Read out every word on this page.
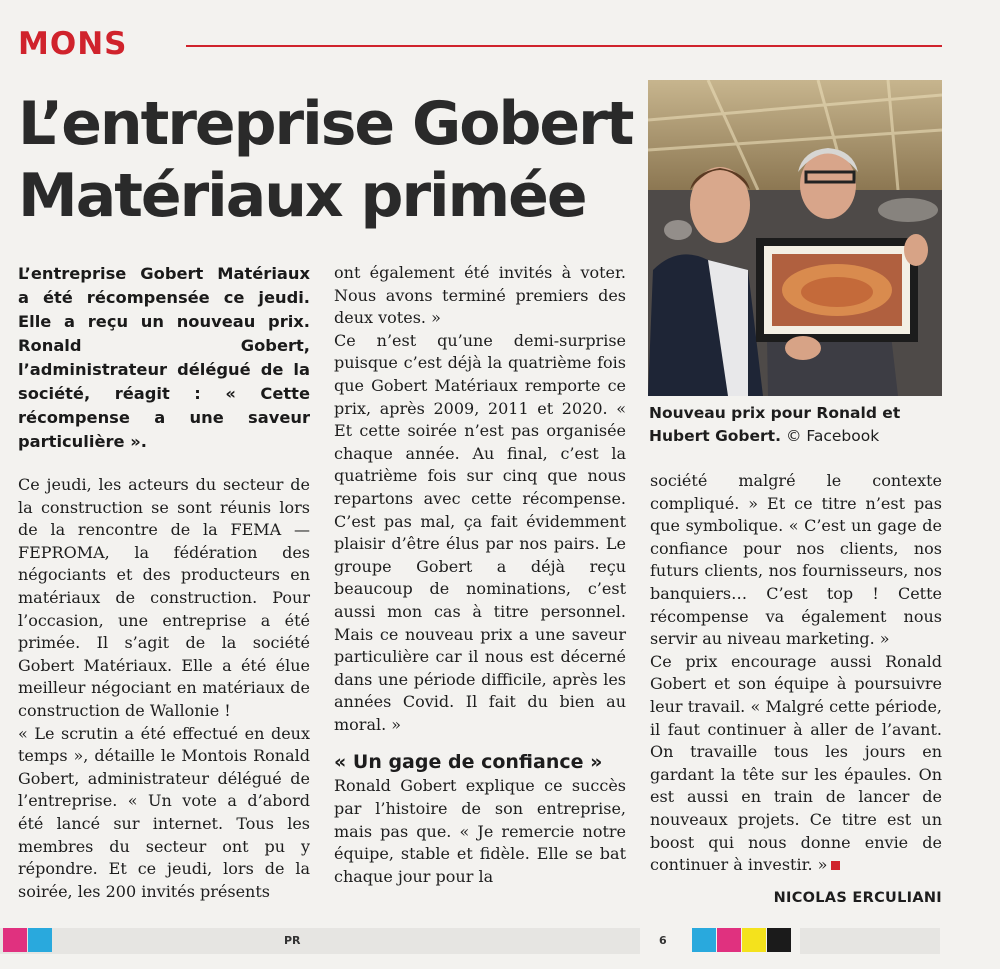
MONS
L’entreprise Gobert Matériaux primée

L’entreprise Gobert Matériaux a été récompensée ce jeudi. Elle a reçu un nouveau prix. Ronald Gobert, l’administrateur délégué de la société, réagit : « Cette récompense a une saveur particulière ».

Ce jeudi, les acteurs du secteur de la construction se sont réunis lors de la rencontre de la FEMA — FEPROMA, la fédération des négociants et des producteurs en matériaux de construction. Pour l’occasion, une entreprise a été primée. Il s’agit de la société Gobert Matériaux. Elle a été élue meilleur négociant en matériaux de construction de Wallonie !

« Le scrutin a été effectué en deux temps », détaille le Montois Ronald Gobert, administrateur délégué de l’entreprise. « Un vote a d’abord été lancé sur internet. Tous les membres du secteur ont pu y répondre. Et ce jeudi, lors de la soirée, les 200 invités présents

ont également été invités à voter. Nous avons terminé premiers des deux votes. »

Ce n’est qu’une demi-surprise puisque c’est déjà la quatrième fois que Gobert Matériaux remporte ce prix, après 2009, 2011 et 2020. « Et cette soirée n’est pas organisée chaque année. Au final, c’est la quatrième fois sur cinq que nous repartons avec cette récompense. C’est pas mal, ça fait évidemment plaisir d’être élus par nos pairs. Le groupe Gobert a déjà reçu beaucoup de nominations, c’est aussi mon cas à titre personnel. Mais ce nouveau prix a une saveur particulière car il nous est décerné dans une période difficile, après les années Covid. Il fait du bien au moral. »

« Un gage de confiance »

Ronald Gobert explique ce succès par l’histoire de son entreprise, mais pas que. « Je remercie notre équipe, stable et fidèle. Elle se bat chaque jour pour la

Nouveau prix pour Ronald et Hubert Gobert. © Facebook

société malgré le contexte compliqué. » Et ce titre n’est pas que symbolique. « C’est un gage de confiance pour nos clients, nos futurs clients, nos fournisseurs, nos banquiers… C’est top ! Cette récompense va également nous servir au niveau marketing. »

Ce prix encourage aussi Ronald Gobert et son équipe à poursuivre leur travail. « Malgré cette période, il faut continuer à aller de l’avant. On travaille tous les jours en gardant la tête sur les épaules. On est aussi en train de lancer de nouveaux projets. Ce titre est un boost qui nous donne envie de continuer à investir. »

NICOLAS ERCULIANI
PR	6
